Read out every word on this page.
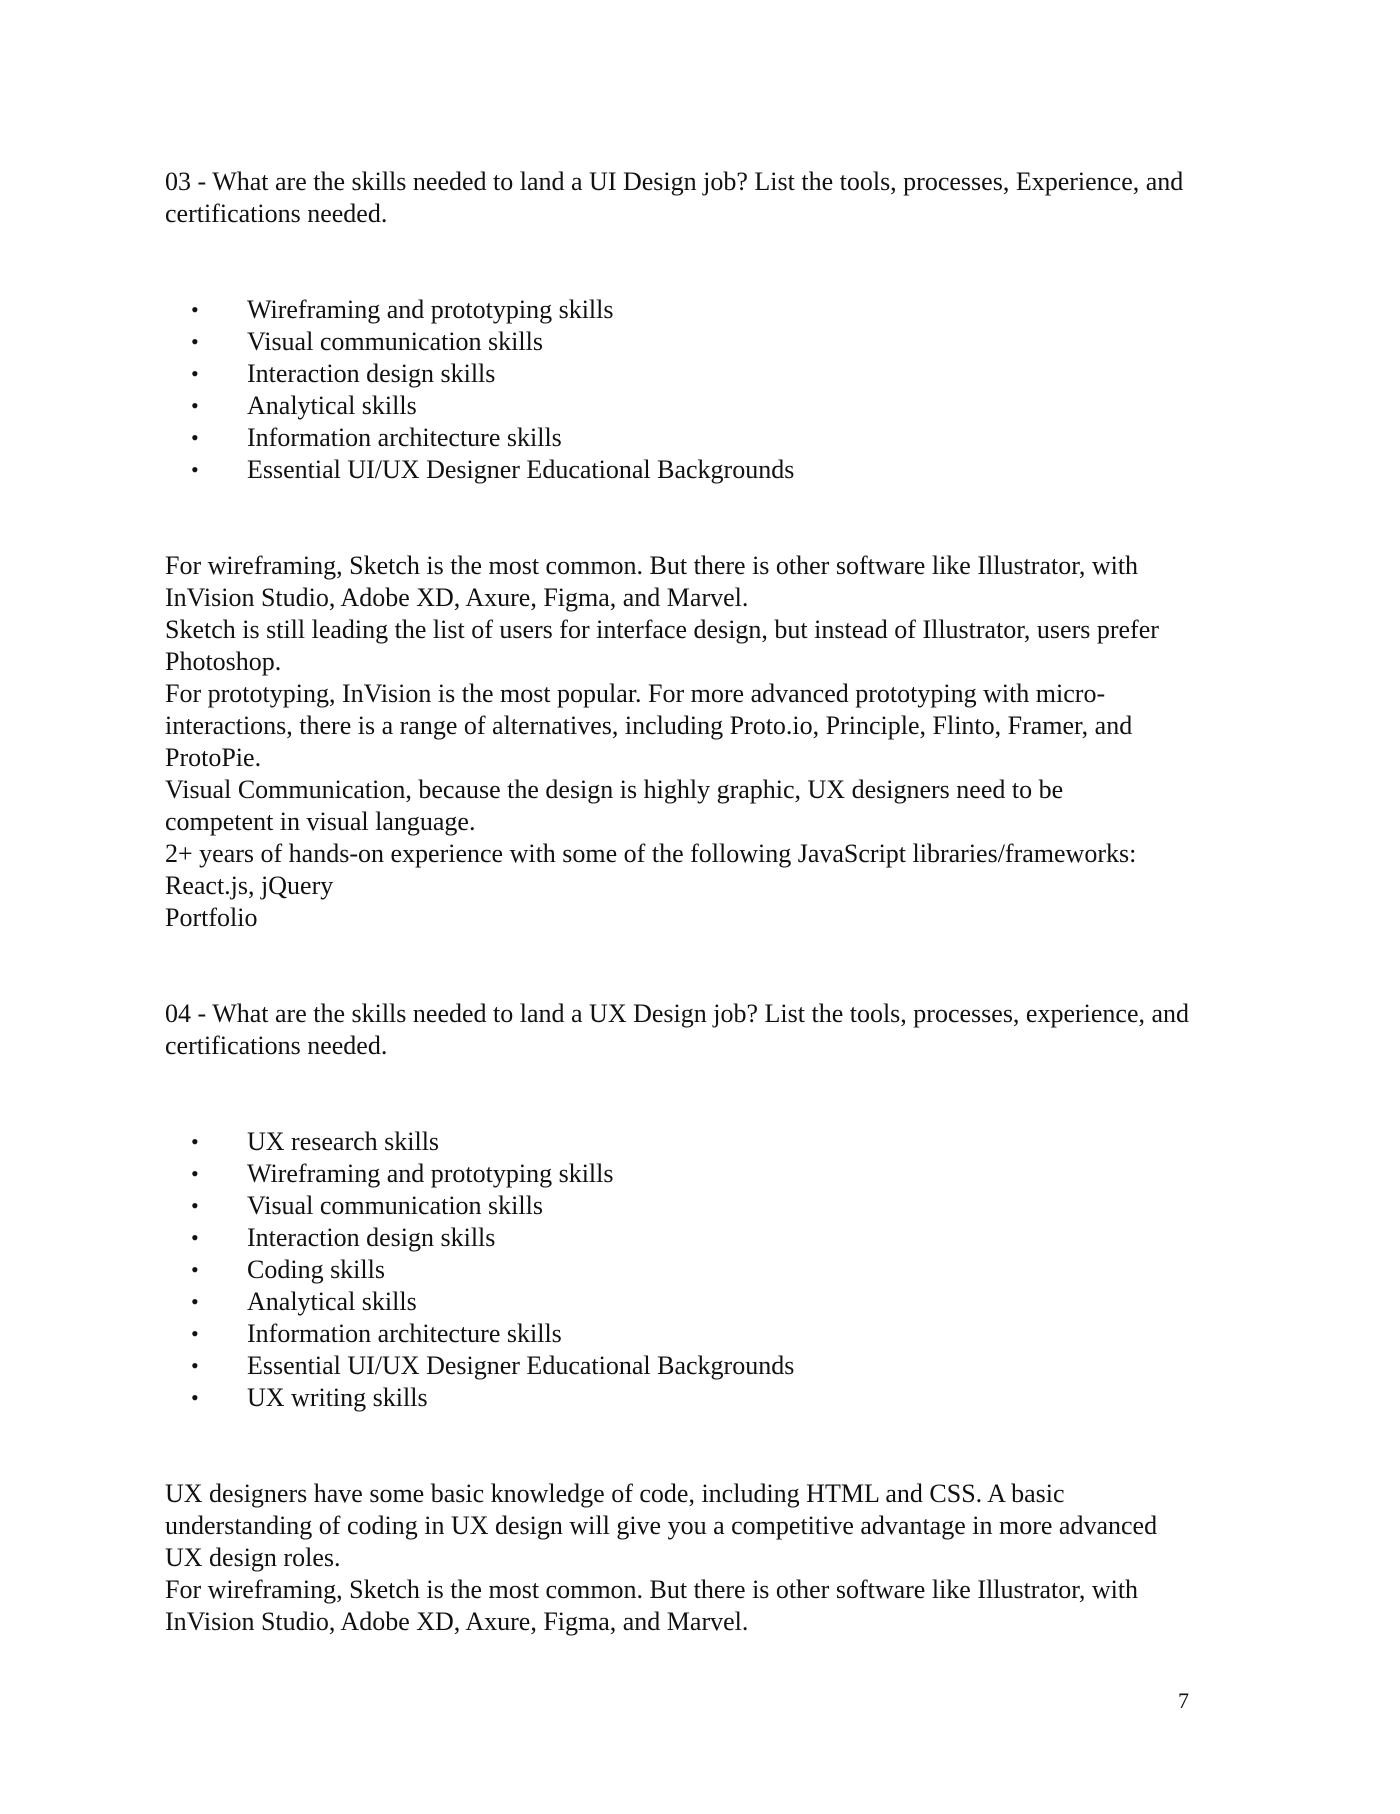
03 - What are the skills needed to land a UI Design job? List the tools, processes, Experience, and certifications needed.
• Wireframing and prototyping skills
• Visual communication skills
• Interaction design skills
• Analytical skills
• Information architecture skills
• Essential UI/UX Designer Educational Backgrounds
For wireframing, Sketch is the most common. But there is other software like Illustrator, with
InVision Studio, Adobe XD, Axure, Figma, and Marvel.
Sketch is still leading the list of users for interface design, but instead of Illustrator, users prefer
Photoshop.
For prototyping, InVision is the most popular. For more advanced prototyping with micro-
interactions, there is a range of alternatives, including Proto.io, Principle, Flinto, Framer, and
ProtoPie.
Visual Communication, because the design is highly graphic, UX designers need to be
competent in visual language.
2+ years of hands-on experience with some of the following JavaScript libraries/frameworks:
React.js, jQuery
Portfolio
04 - What are the skills needed to land a UX Design job? List the tools, processes, experience, and certifications needed.
• UX research skills
• Wireframing and prototyping skills
• Visual communication skills
• Interaction design skills
• Coding skills
• Analytical skills
• Information architecture skills
• Essential UI/UX Designer Educational Backgrounds
• UX writing skills
UX designers have some basic knowledge of code, including HTML and CSS. A basic
understanding of coding in UX design will give you a competitive advantage in more advanced
UX design roles.
For wireframing, Sketch is the most common. But there is other software like Illustrator, with
InVision Studio, Adobe XD, Axure, Figma, and Marvel.
7
